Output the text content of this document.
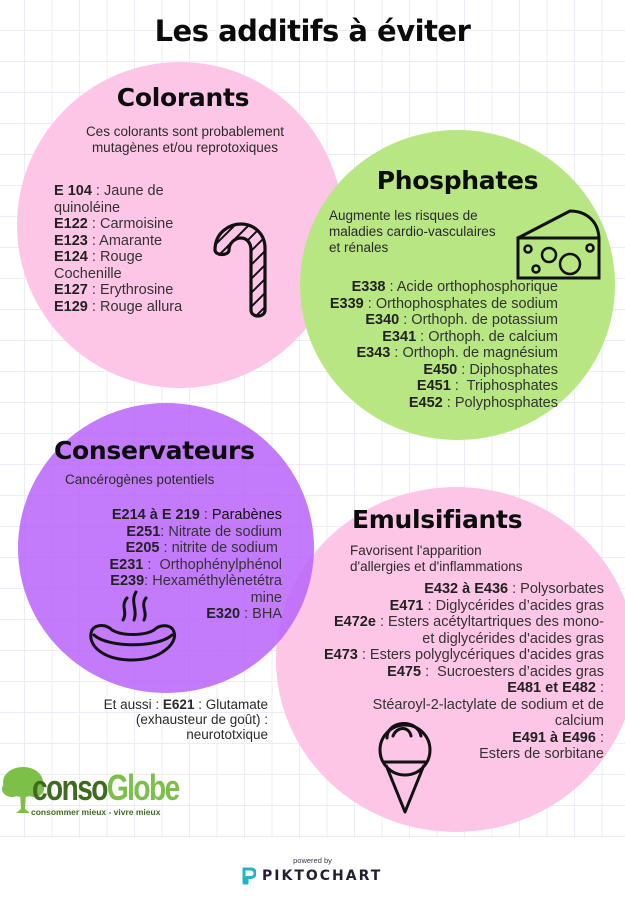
Les additifs à éviter
Colorants
Ces colorants sont probablement
mutagènes et/ou reprotoxiques
E 104 : Jaune de
quinoléine
E122 : Carmoisine
E123 : Amarante
E124 : Rouge
Cochenille
E127 : Erythrosine
E129 : Rouge allura
Phosphates
Augmente les risques de
maladies cardio-vasculaires
et rénales
E338 : Acide orthophosphorique
E339 : Orthophosphates de sodium
E340 : Orthoph. de potassium
E341 : Orthoph. de calcium
E343 : Orthoph. de magnésium
E450 : Diphosphates
E451 :  Triphosphates
E452 : Polyphosphates
Conservateurs
Cancérogènes potentiels
E214 à E 219 : Parabènes
E251: Nitrate de sodium
E205 : nitrite de sodium
E231 :  Orthophénylphénol
E239: Hexaméthylènetétra
mine
E320 : BHA
Et aussi : E621 : Glutamate
(exhausteur de goût) :
neurototxique
Emulsifiants
Favorisent l'apparition
d'allergies et d'inflammations
E432 à E436 : Polysorbates
E471 : Diglycérides d’acides gras
E472e : Esters acétyltartriques des mono-
et diglycérides d'acides gras
E473 : Esters polyglycériques d'acides gras
E475 :  Sucroesters d’acides gras
E481 et E482 :
Stéaroyl-2-lactylate de sodium et de
calcium
E491 à E496 :
Esters de sorbitane
consoGlobe
consommer mieux - vivre mieux
powered by
PIKTOCHART
